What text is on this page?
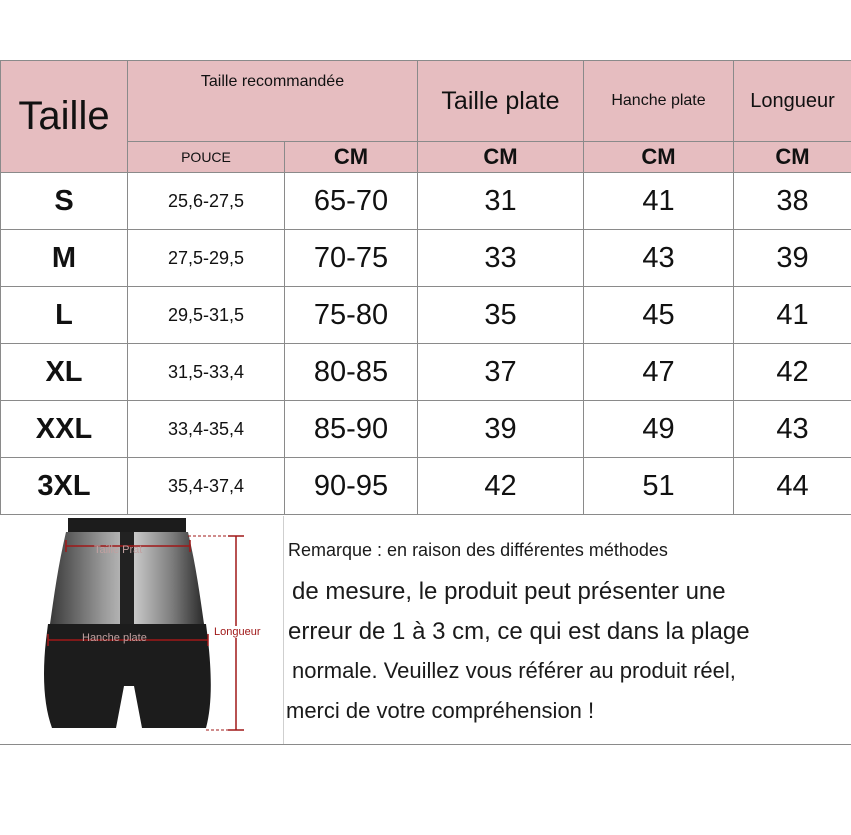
Taille	Taille recommandée		Taille plate	Hanche plate	Longueur
	POUCE	CM	CM	CM	CM
S	25,6-27,5	65-70	31	41	38
M	27,5-29,5	70-75	33	43	39
L	29,5-31,5	75-80	35	45	41
XL	31,5-33,4	80-85	37	47	42
XXL	33,4-35,4	85-90	39	49	43
3XL	35,4-37,4	90-95	42	51	44
Taille Prat
Hanche plate	Longueur
Remarque : en raison des différentes méthodes
de mesure, le produit peut présenter une
erreur de 1 à 3 cm, ce qui est dans la plage
normale. Veuillez vous référer au produit réel,
merci de votre compréhension !
